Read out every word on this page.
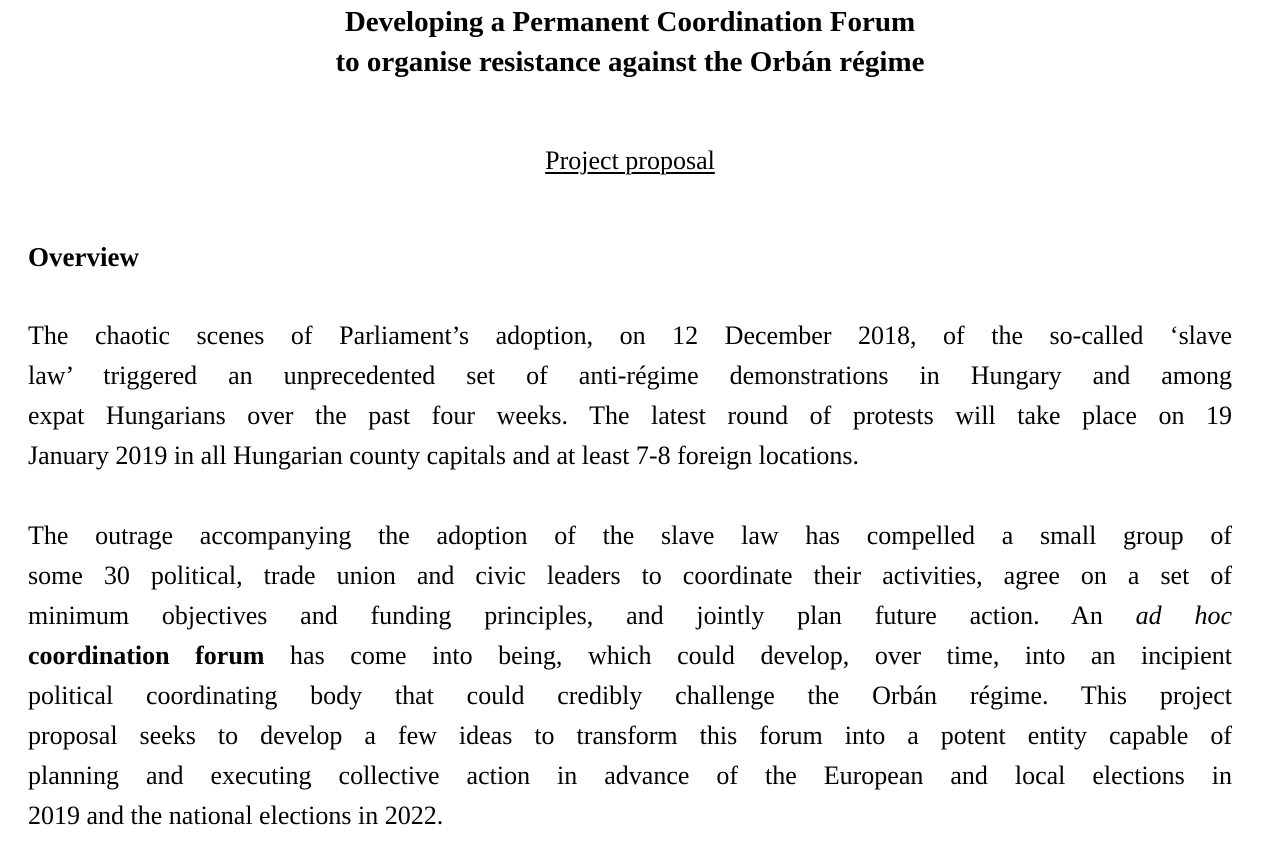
Developing a Permanent Coordination Forum
to organise resistance against the Orbán régime
Project proposal
Overview
The chaotic scenes of Parliament’s adoption, on 12 December 2018, of the so-called ‘slave
law’ triggered an unprecedented set of anti-régime demonstrations in Hungary and among
expat Hungarians over the past four weeks. The latest round of protests will take place on 19
January 2019 in all Hungarian county capitals and at least 7-8 foreign locations.
The outrage accompanying the adoption of the slave law has compelled a small group of
some 30 political, trade union and civic leaders to coordinate their activities, agree on a set of
minimum objectives and funding principles, and jointly plan future action. An ad hoc
coordination forum has come into being, which could develop, over time, into an incipient
political coordinating body that could credibly challenge the Orbán régime. This project
proposal seeks to develop a few ideas to transform this forum into a potent entity capable of
planning and executing collective action in advance of the European and local elections in
2019 and the national elections in 2022.
